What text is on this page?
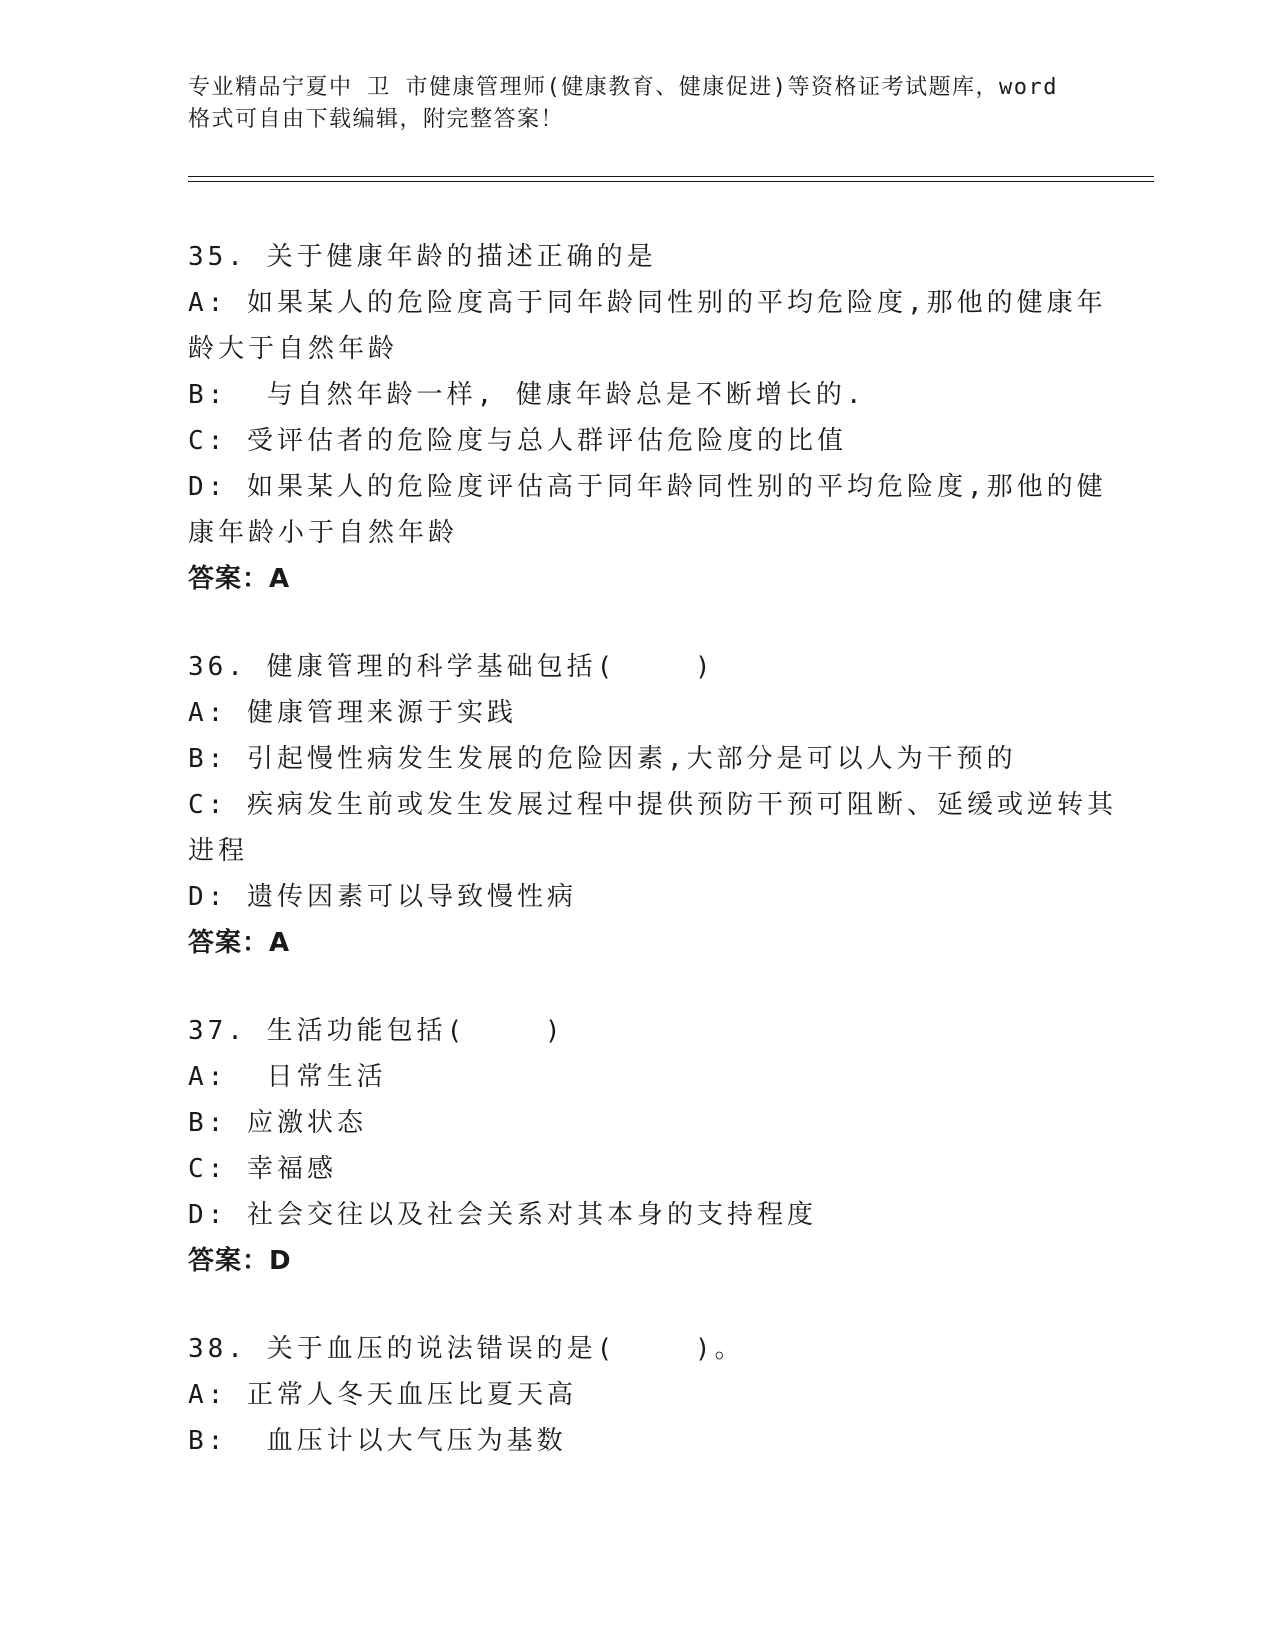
专业精品宁夏中 卫 市健康管理师(健康教育、健康促进)等资格证考试题库，word
格式可自由下载编辑，附完整答案！
35. 关于健康年龄的描述正确的是
A: 如果某人的危险度高于同年龄同性别的平均危险度,那他的健康年
龄大于自然年龄
B:  与自然年龄一样, 健康年龄总是不断增长的.
C: 受评估者的危险度与总人群评估危险度的比值
D: 如果某人的危险度评估高于同年龄同性别的平均危险度,那他的健
康年龄小于自然年龄
答案：A
36. 健康管理的科学基础包括(    )
A: 健康管理来源于实践
B: 引起慢性病发生发展的危险因素,大部分是可以人为干预的
C: 疾病发生前或发生发展过程中提供预防干预可阻断、延缓或逆转其
进程
D: 遗传因素可以导致慢性病
答案：A
37. 生活功能包括(    )
A:  日常生活
B: 应激状态
C: 幸福感
D: 社会交往以及社会关系对其本身的支持程度
答案：D
38. 关于血压的说法错误的是(    )。
A: 正常人冬天血压比夏天高
B:  血压计以大气压为基数
